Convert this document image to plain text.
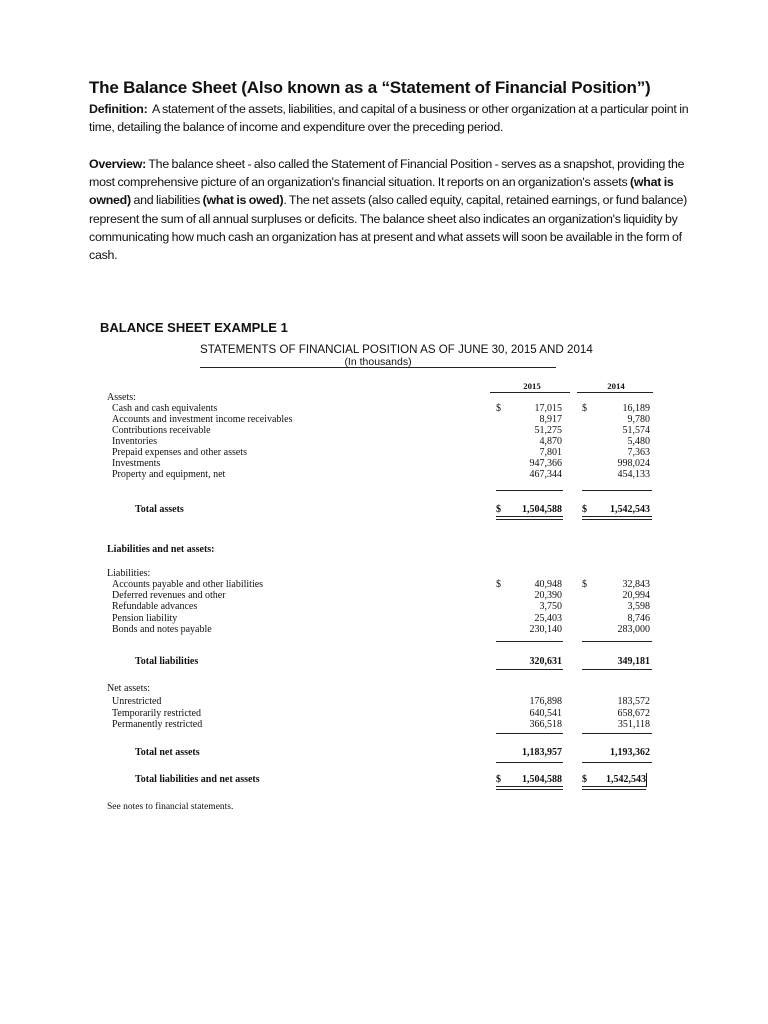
The Balance Sheet (Also known as a “Statement of Financial Position”)

Definition: A statement of the assets, liabilities, and capital of a business or other organization at a particular point in time, detailing the balance of income and expenditure over the preceding period.

Overview: The balance sheet - also called the Statement of Financial Position - serves as a snapshot, providing the most comprehensive picture of an organization's financial situation. It reports on an organization's assets (what is owned) and liabilities (what is owed). The net assets (also called equity, capital, retained earnings, or fund balance) represent the sum of all annual surpluses or deficits. The balance sheet also indicates an organization's liquidity by communicating how much cash an organization has at present and what assets will soon be available in the form of cash.

BALANCE SHEET EXAMPLE 1
STATEMENTS OF FINANCIAL POSITION AS OF JUNE 30, 2015 AND 2014
(In thousands)
2015	2014
Assets:
Cash and cash equivalents	$	17,015 $	16,189
Accounts and investment income receivables	8,917	9,780
Contributions receivable	51,275	51,574
Inventories	4,870	5,480
Prepaid expenses and other assets	7,801	7,363
Investments	947,366	998,024
Property and equipment, net	467,344	454,133
Total assets	$	1,504,588 $	1,542,543
Liabilities and net assets:
Liabilities:
Accounts payable and other liabilities	$	40,948 $	32,843
Deferred revenues and other	20,390	20,994
Refundable advances	3,750	3,598
Pension liability	25,403	8,746
Bonds and notes payable	230,140	283,000
Total liabilities	320,631	349,181
Net assets:
Unrestricted	176,898	183,572
Temporarily restricted	640,541	658,672
Permanently restricted	366,518	351,118
Total net assets	1,183,957	1,193,362
Total liabilities and net assets	$	1,504,588 $	1,542,543
See notes to financial statements.
